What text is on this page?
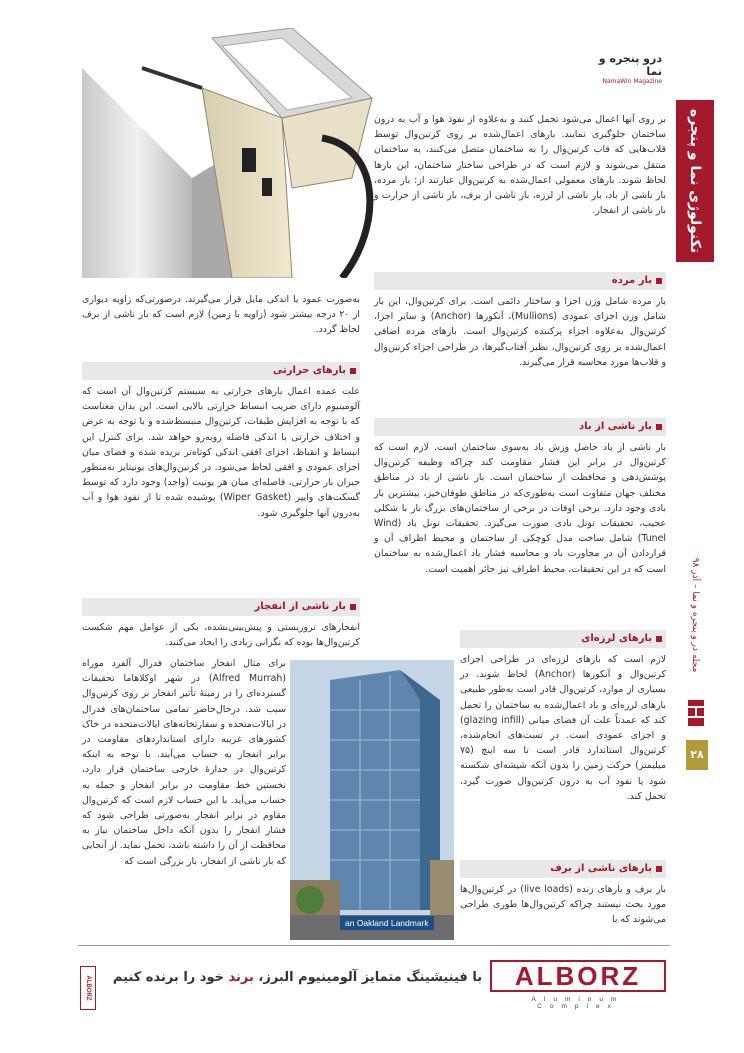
تکنولوژی نما و پنجره
مجله در و پنجره و نما – آذر ۹۸
۲۸
درو پنجره و نما
NamaWin Magazine

بر روی آنها اعمال می‌شود تحمل کنند و به‌علاوه از نفوذ هوا و آب به درون ساختمان جلوگیری نمایند. بارهای اعمال‌شده بر روی کرتین‌وال توسط قلاب‌هایی که قاب کرتین‌وال را به ساختمان متصل می‌کنند، به ساختمان منتقل می‌شوند و لازم است که در طراحی ساختار ساختمان، این بارها لحاظ شوند. بارهای معمولی اعمال‌شده به کرتین‌وال عبارتند از: بار مرده، بار ناشی از باد، بار ناشی از لرزه، بار ناشی از برف، بار ناشی از حرارت و بار ناشی از انفجار.

بار مرده
بار مرده شامل وزن اجزا و ساختار دائمی است. برای کرتین‌وال، این بار شامل وزن اجزای عمودی (Mullions)، آنکورها (Anchor) و سایر اجزا، کرتین‌وال به‌علاوه اجزاء پرکننده کرتین‌وال است. بارهای مرده اضافی اعمال‌شده بر روی کرتین‌وال، نظیر آفتاب‌گیرها، در طراحی اجزاء کرتین‌وال و قلاب‌ها مورد محاسبه قرار می‌گیرند.
بار ناشی از باد
بار ناشی از باد حاصل وزش باد به‌سوی ساختمان است. لازم است که کرتین‌وال در برابر این فشار مقاومت کند چراکه وظیفه کرتین‌وال پوشش‌دهی و محافظت از ساختمان است. بار ناشی از باد در مناطق مختلف جهان متفاوت است به‌طوری‌که در مناطق طوفان‌خیز، بیشترین بار بادی وجود دارد. برخی اوقات در برخی از ساختمان‌های بزرگ بار با شکلی عجیب، تحقیقات تونل بادی صورت می‌گیرد. تحقیقات تونل باد (Wind Tunel) شامل ساخت مدل کوچکی از ساختمان و محیط اطراف آن و قراردادن آن در مجاورت باد و محاسبه فشار باد اعمال‌شده به ساختمان است که در این تحقیقات، محیط اطراف نیز حائز اهمیت است.
بارهای لرزه‌ای
لازم است که بارهای لرزه‌ای در طراحی اجزای کرتین‌وال و آنکورها (Anchor) لحاظ شوند. در بسیاری از موارد، کرتین‌وال قادر است به‌طور طبیعی بارهای لرزه‌ای و باد اعمال‌شده به ساختمان را تحمل کند که عمدتاً علت آن فضای میانی (glazing infill) و اجزای عمودی است. در تست‌های انجام‌شده، کرتین‌وال استاندارد قادر است تا سه اینچ (۷۵ میلیمتر) حرکت زمین را بدون آنکه شیشه‌ای شکسته شود یا نفوذ آب به درون کرتین‌وال صورت گیرد، تحمل کند.
بارهای ناشی از برف
بار برف و بارهای زنده (live loads) در کرتین‌وال‌ها مورد بحث نیستند چراکه کرتین‌وال‌ها طوری طراحی می‌شوند که با

به‌صورت عمود یا اندکی مایل قرار می‌گیرند. درصورتی‌که زاویه دیواری از ۲۰ درجه بیشتر شود (زاویه با زمین) لازم است که بار ناشی از برف لحاظ گردد.

بارهای حرارتی
علت عمده اعمال بارهای حرارتی به سیستم کرتین‌وال آن است که آلومینیوم دارای ضریب انبساط حرارتی بالایی است. این بدان معناست که با توجه به افزایش طبقات، کرتین‌وال منبسط‌شده و با توجه به عرض و اختلاف حرارتی با اندکی فاصله روبه‌رو خواهد شد. برای کنترل این انبساط و انقباظ، اجزای افقی اندکی کوتاه‌تر بریده شده و فضای میان اجزای عمودی و افقی لحاظ می‌شود. در کرتین‌وال‌های یونیتایز به‌منظور جبران بار حرارتی، فاصله‌ای میان هر یونیت (واحد) وجود دارد که توسط گسکت‌های وایپر (Wiper Gasket) پوشیده شده تا از نفوذ هوا و آب به‌درون آنها جلوگیری شود.
بار ناشی از انفجار
انفجارهای تروریستی و پیش‌بینی‌نشده، یکی از عوامل مهم شکست کرتین‌وال‌ها بوده که نگرانی زیادی را ایجاد می‌کنند.

برای مثال انفجار ساختمان فدرال آلفرد موراه (Alfred Murrah) در شهر اوکلاهاما تحقیقات گسترده‌ای را در زمینهٔ تأثیر انفجار بر روی کرتین‌وال سبب شد. درحال‌حاضر تمامی ساختمان‌های فدرال در ایالات‌متحده و سفارتخانه‌های ایالات‌متحده در خاک کشورهای غریبه دارای استانداردهای مقاومت در برابر انفجار به حساب می‌آیند. با توجه به اینکه کرتین‌وال در جدارهٔ خارجی ساختمان قرار دارد، نخستین خط مقاومت در برابر انفجار و حمله به حساب می‌آید. با این حساب لازم است که کرتین‌وال مقاوم در برابر انفجار به‌صورتی طراحی شود که فشار انفجار را بدون آنکه داخل ساختمان نیاز به محافظت از آن را داشته باشد، تحمل نماید. از آنجایی که بار ناشی از انفجار، بار بزرگی است که

an Oakland Landmark
ALBORZ
Aluminum Complex
با فینیشینگ متمایز آلومینیوم البرز، برند خود را برنده کنیم
ALBORZ
